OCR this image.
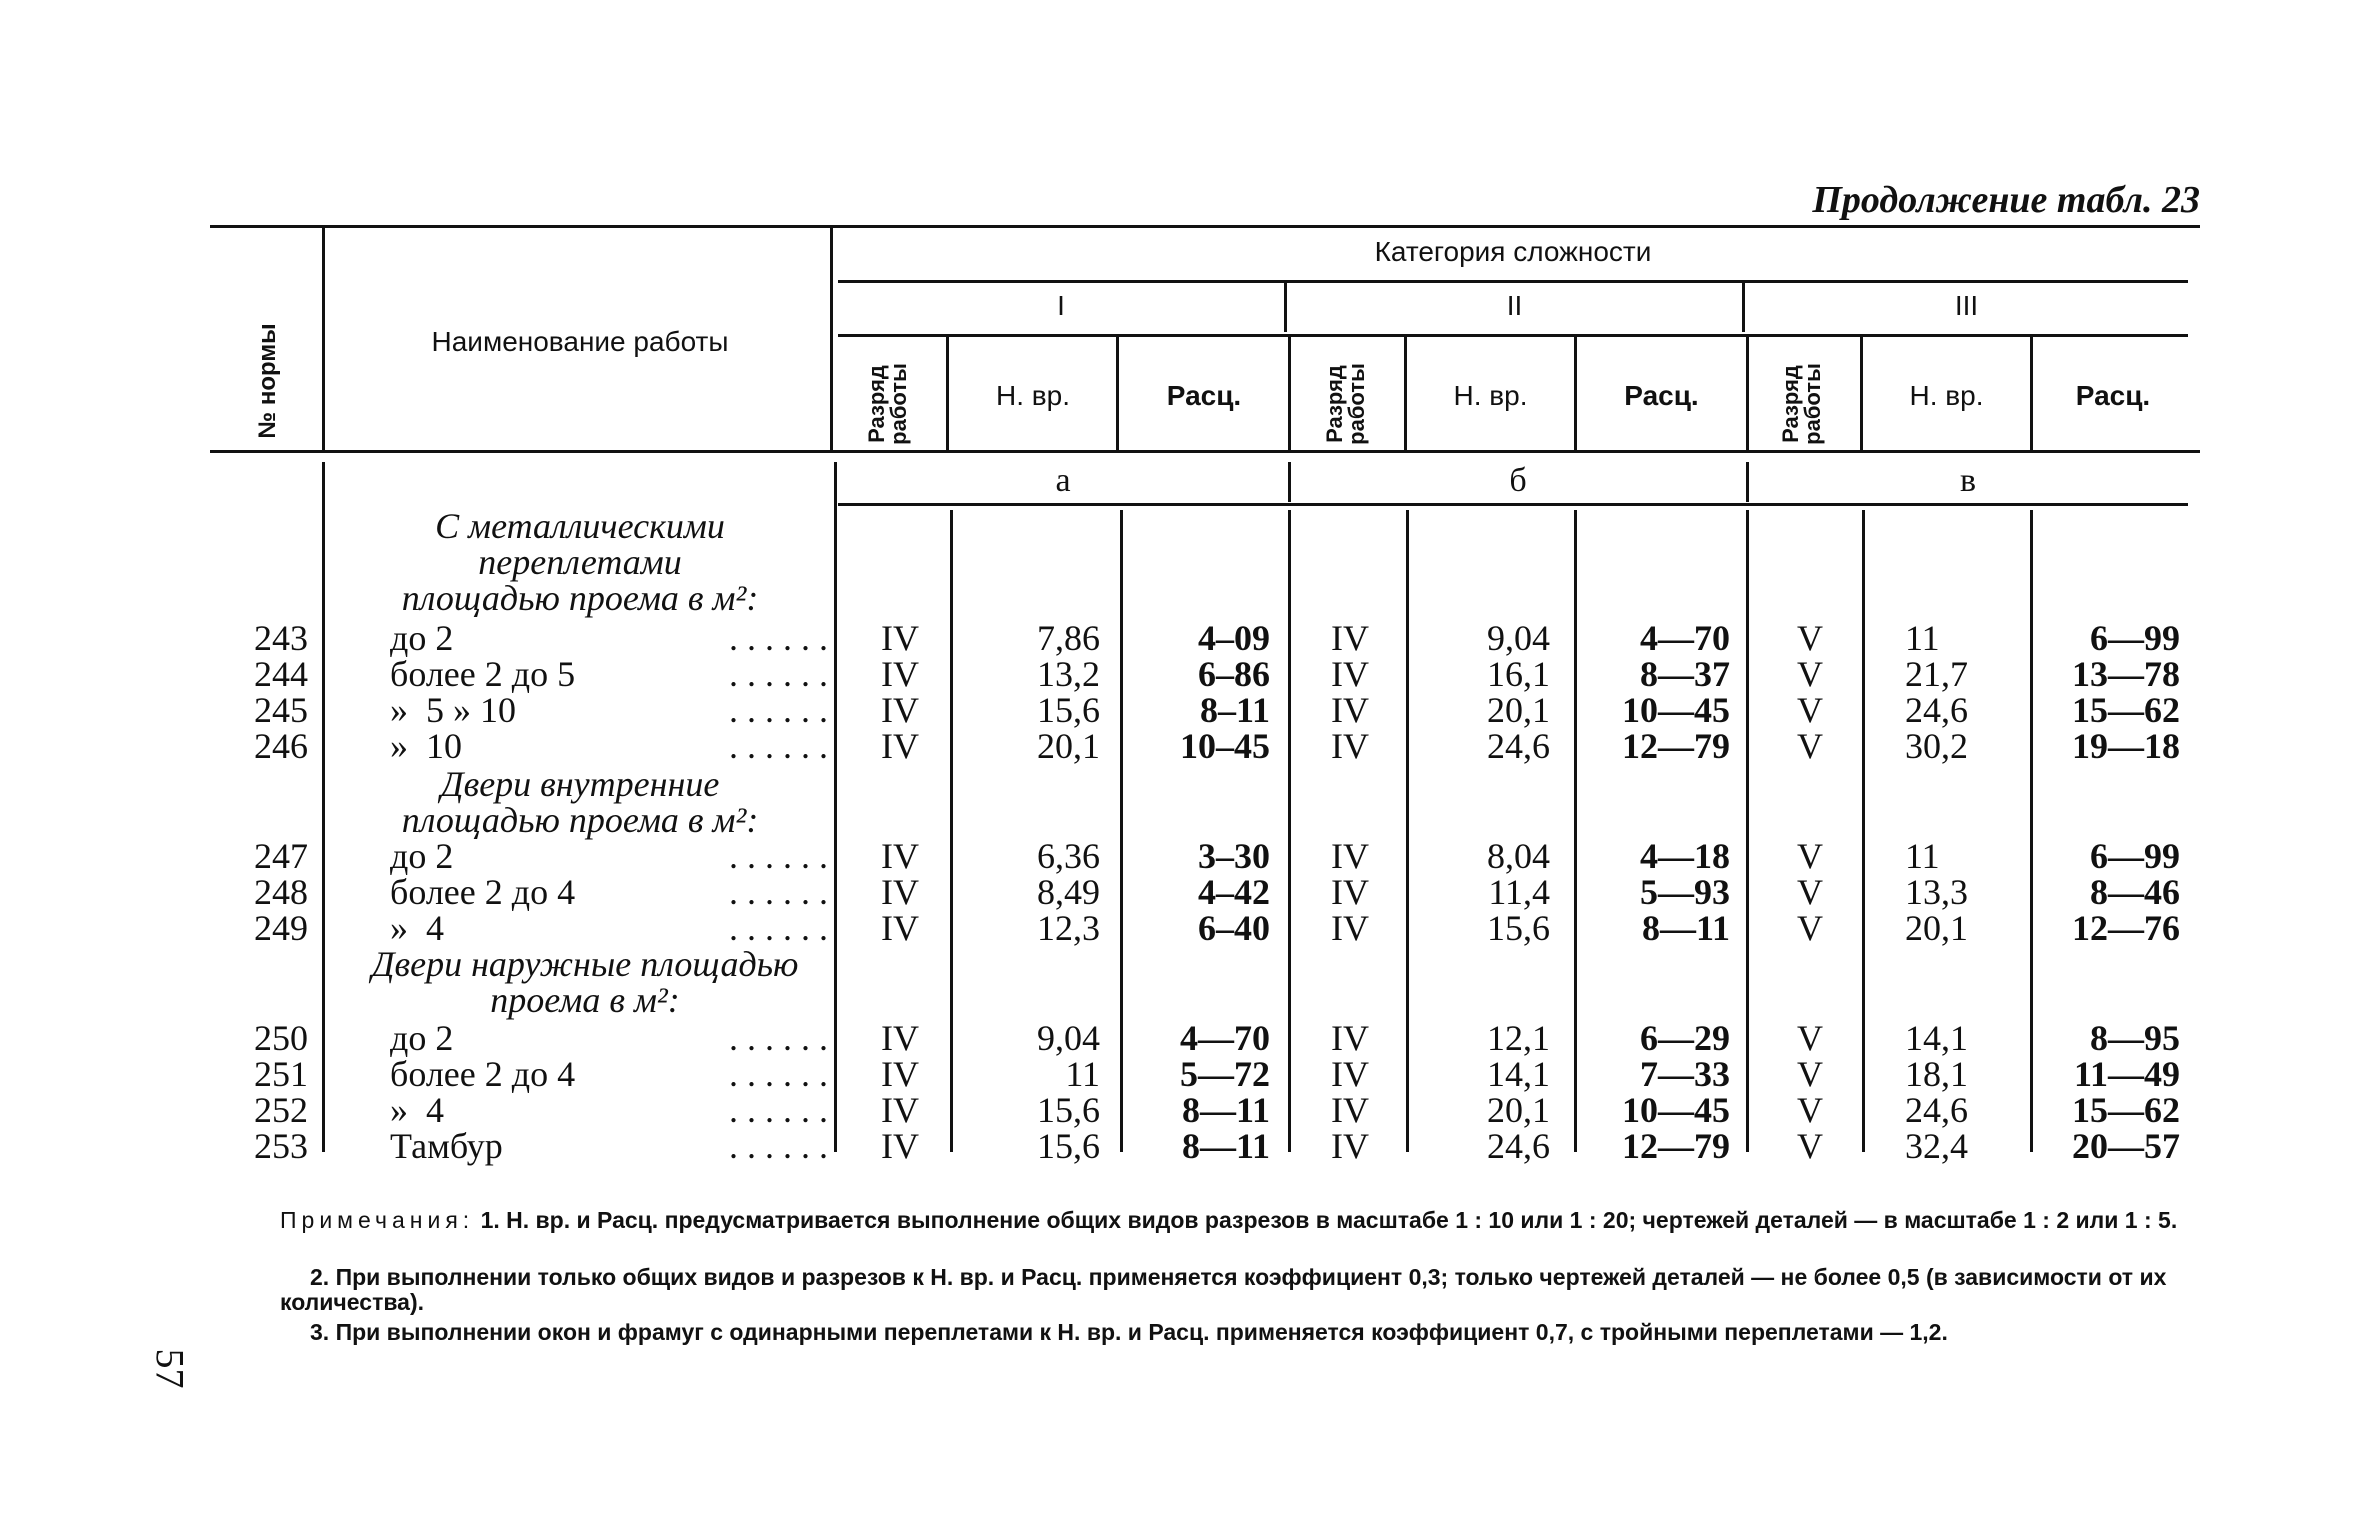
Продолжение табл. 23
№ нормы	Наименование работы
Категория сложности
I	II	III
Разряд работы	Разряд работы	Разряд работы
Н. вр.	Расц.	Н. вр.	Расц.	Н. вр.	Расц.
а	б	в
С металлическими
переплетами
площадью проема в м²:
Двери внутренние
площадью проема в м²:
Двери наружные площадью
проема в м²:
243 до 2	. . . . . .	IV	7,86	4–09	IV	9,04	4—70	V	11	6—99
244 более 2 до 5	. . . . . .	IV	13,2	6–86	IV	16,1	8—37	V	21,7	13—78
245 »  5 » 10	. . . . . .	IV	15,6	8–11	IV	20,1	10—45	V	24,6	15—62
246 »  10	. . . . . .	IV	20,1	10–45	IV	24,6	12—79	V	30,2	19—18
247 до 2	. . . . . .	IV	6,36	3–30	IV	8,04	4—18	V	11	6—99
248 более 2 до 4	. . . . . .	IV	8,49	4–42	IV	11,4	5—93	V	13,3	8—46
249 »  4	. . . . . .	IV	12,3	6–40	IV	15,6	8—11	V	20,1	12—76
250 до 2	. . . . . .	IV	9,04	4—70	IV	12,1	6—29	V	14,1	8—95
251 более 2 до 4	. . . . . .	IV	11	5—72	IV	14,1	7—33	V	18,1	11—49
252 »  4	. . . . . .	IV	15,6	8—11	IV	20,1	10—45	V	24,6	15—62
253 Тамбур	. . . . . .	IV	15,6	8—11	IV	24,6	12—79	V	32,4	20—57
Примечания: 1. Н. вр. и Расц. предусматривается выполнение общих видов разрезов в масштабе 1 : 10 или 1 : 20; чертежей деталей — в масштабе 1 : 2 или 1 : 5.
2. При выполнении только общих видов и разрезов к Н. вр. и Расц. применяется коэффициент 0,3; только чертежей деталей — не более 0,5 (в зависимости от их количества).
3. При выполнении окон и фрамуг с одинарными переплетами к Н. вр. и Расц. применяется коэффициент 0,7, с тройными переплетами — 1,2.
57
